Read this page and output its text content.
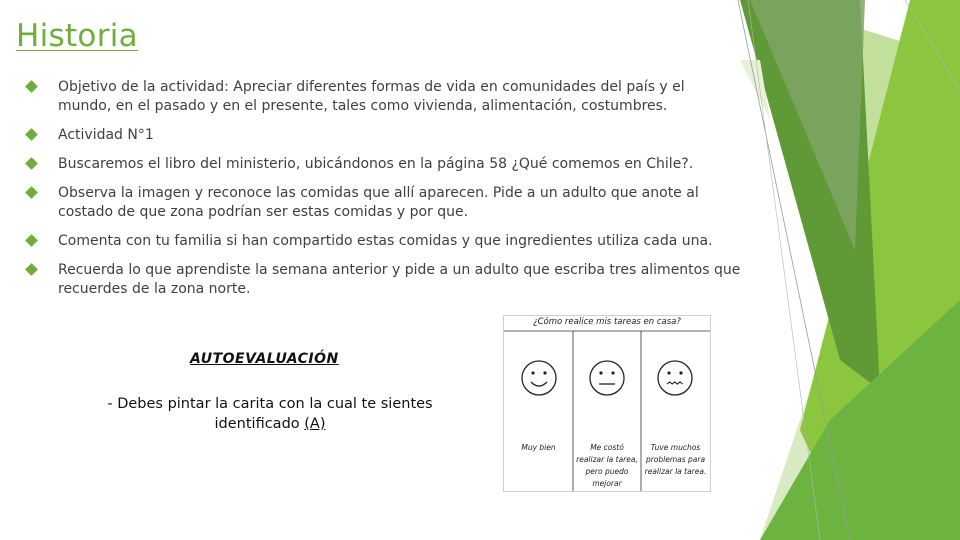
Historia
Objetivo de la actividad: Apreciar diferentes formas de vida en comunidades del país y el mundo, en el pasado y en el presente, tales como vivienda, alimentación, costumbres.
Actividad N°1
Buscaremos el libro del ministerio, ubicándonos en la página 58 ¿Qué comemos en Chile?.
Observa la imagen y reconoce las comidas que allí aparecen. Pide a un adulto que anote al costado de que zona podrían ser estas comidas y por que.
Comenta con tu familia si han compartido estas comidas y que ingredientes utiliza cada una.
Recuerda lo que aprendiste la semana anterior y pide a un adulto que escriba tres alimentos que recuerdes de la zona norte.
AUTOEVALUACIÓN
- Debes pintar la carita con la cual te sientes identificado (A)
¿Cómo realice mis tareas en casa?
Muy bien	Me costó realizar la tarea, pero puedo mejorar
Tuve muchos problemas para realizar la tarea.
